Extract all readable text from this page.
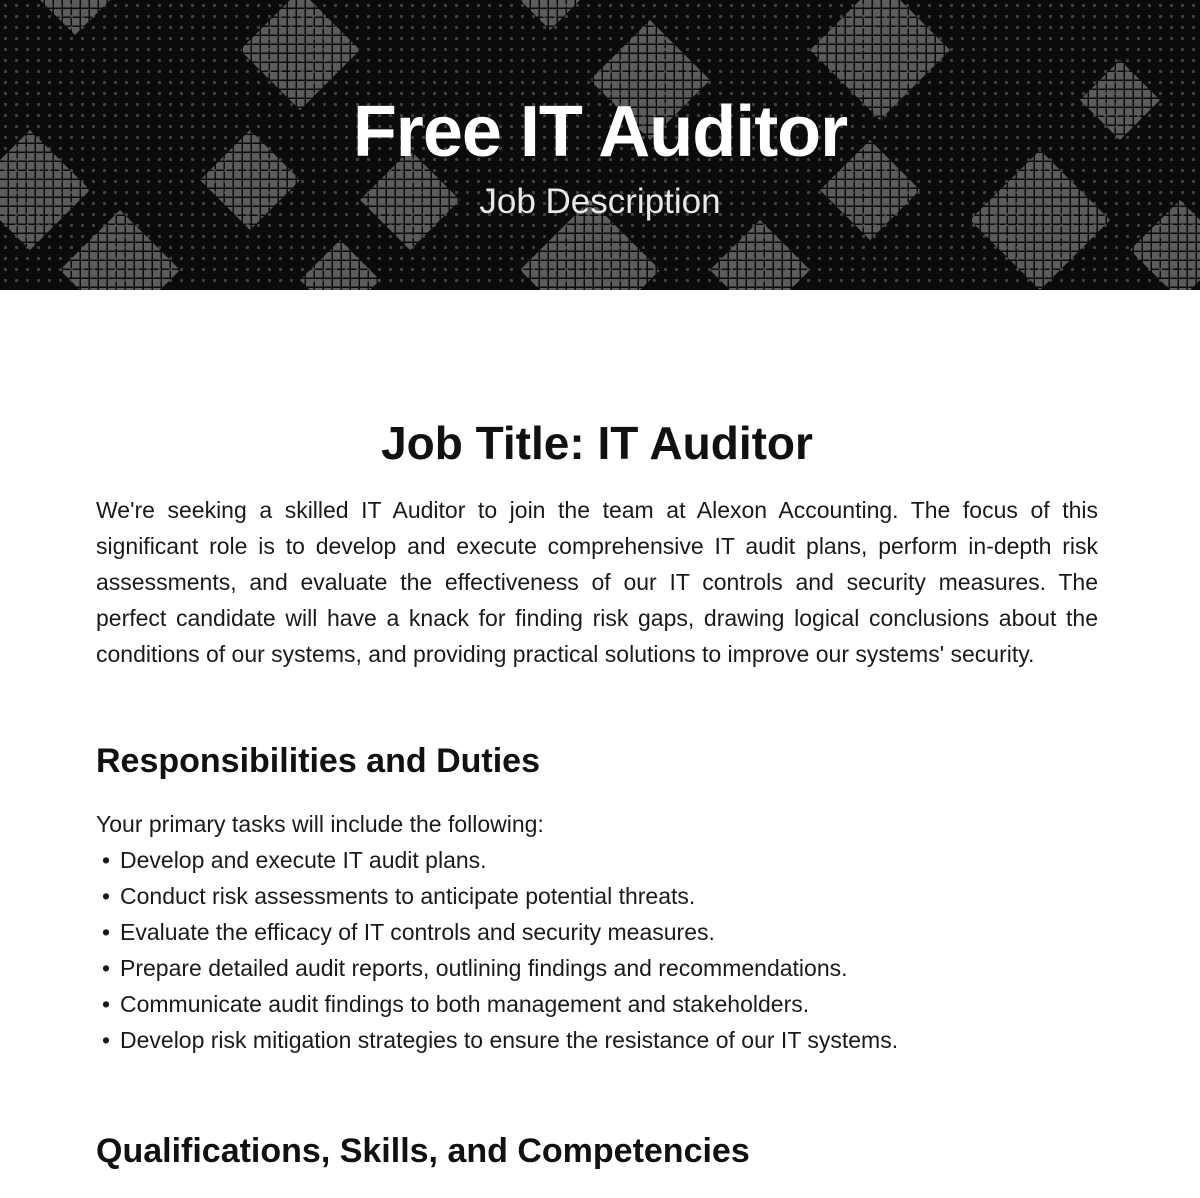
Free IT Auditor
Job Description
Job Title: IT Auditor

We're seeking a skilled IT Auditor to join the team at Alexon Accounting. The focus of this significant role is to develop and execute comprehensive IT audit plans, perform in-depth risk assessments, and evaluate the effectiveness of our IT controls and security measures. The perfect candidate will have a knack for finding risk gaps, drawing logical conclusions about the conditions of our systems, and providing practical solutions to improve our systems' security.

Responsibilities and Duties

Your primary tasks will include the following:

• Develop and execute IT audit plans.
• Conduct risk assessments to anticipate potential threats.
• Evaluate the efficacy of IT controls and security measures.
• Prepare detailed audit reports, outlining findings and recommendations.
• Communicate audit findings to both management and stakeholders.
• Develop risk mitigation strategies to ensure the resistance of our IT systems.
Qualifications, Skills, and Competencies
